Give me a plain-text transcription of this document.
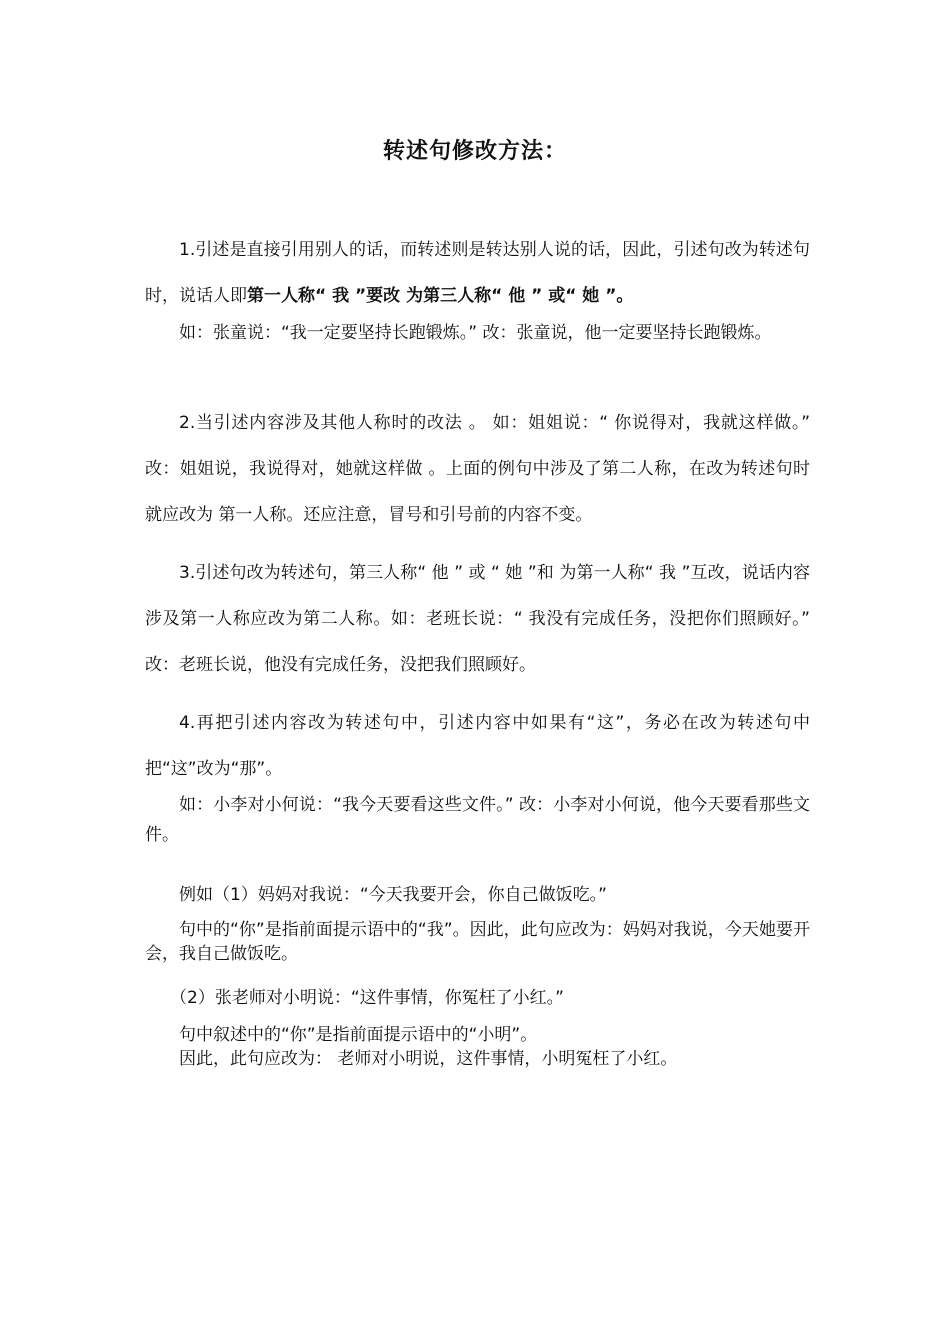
转述句修改方法：

1.引述是直接引用别人的话，而转述则是转达别人说的话，因此，引述句改为转述句时，说话人即第一人称“ 我 ”要改 为第三人称“ 他 ” 或“ 她 ”。

如：张童说：“我一定要坚持长跑锻炼。” 改：张童说，他一定要坚持长跑锻炼。

2.当引述内容涉及其他人称时的改法 。 如：姐姐说：“ 你说得对，我就这样做。” 改：姐姐说，我说得对，她就这样做 。上面的例句中涉及了第二人称，在改为转述句时就应改为 第一人称。还应注意，冒号和引号前的内容不变。

3.引述句改为转述句，第三人称“ 他 ” 或 “ 她 ”和 为第一人称“ 我 ”互改，说话内容涉及第一人称应改为第二人称。如：老班长说：“ 我没有完成任务，没把你们照顾好。” 改：老班长说，他没有完成任务，没把我们照顾好。

4.再把引述内容改为转述句中，引述内容中如果有“这”，务必在改为转述句中把“这”改为“那”。

如：小李对小何说：“我今天要看这些文件。” 改：小李对小何说，他今天要看那些文件。

例如（1）妈妈对我说：“今天我要开会，你自己做饭吃。”

句中的“你”是指前面提示语中的“我”。因此，此句应改为：妈妈对我说，今天她要开会，我自己做饭吃。

（2）张老师对小明说：“这件事情，你冤枉了小红。”
句中叙述中的“你”是指前面提示语中的“小明”。
因此，此句应改为： 老师对小明说，这件事情，小明冤枉了小红。
